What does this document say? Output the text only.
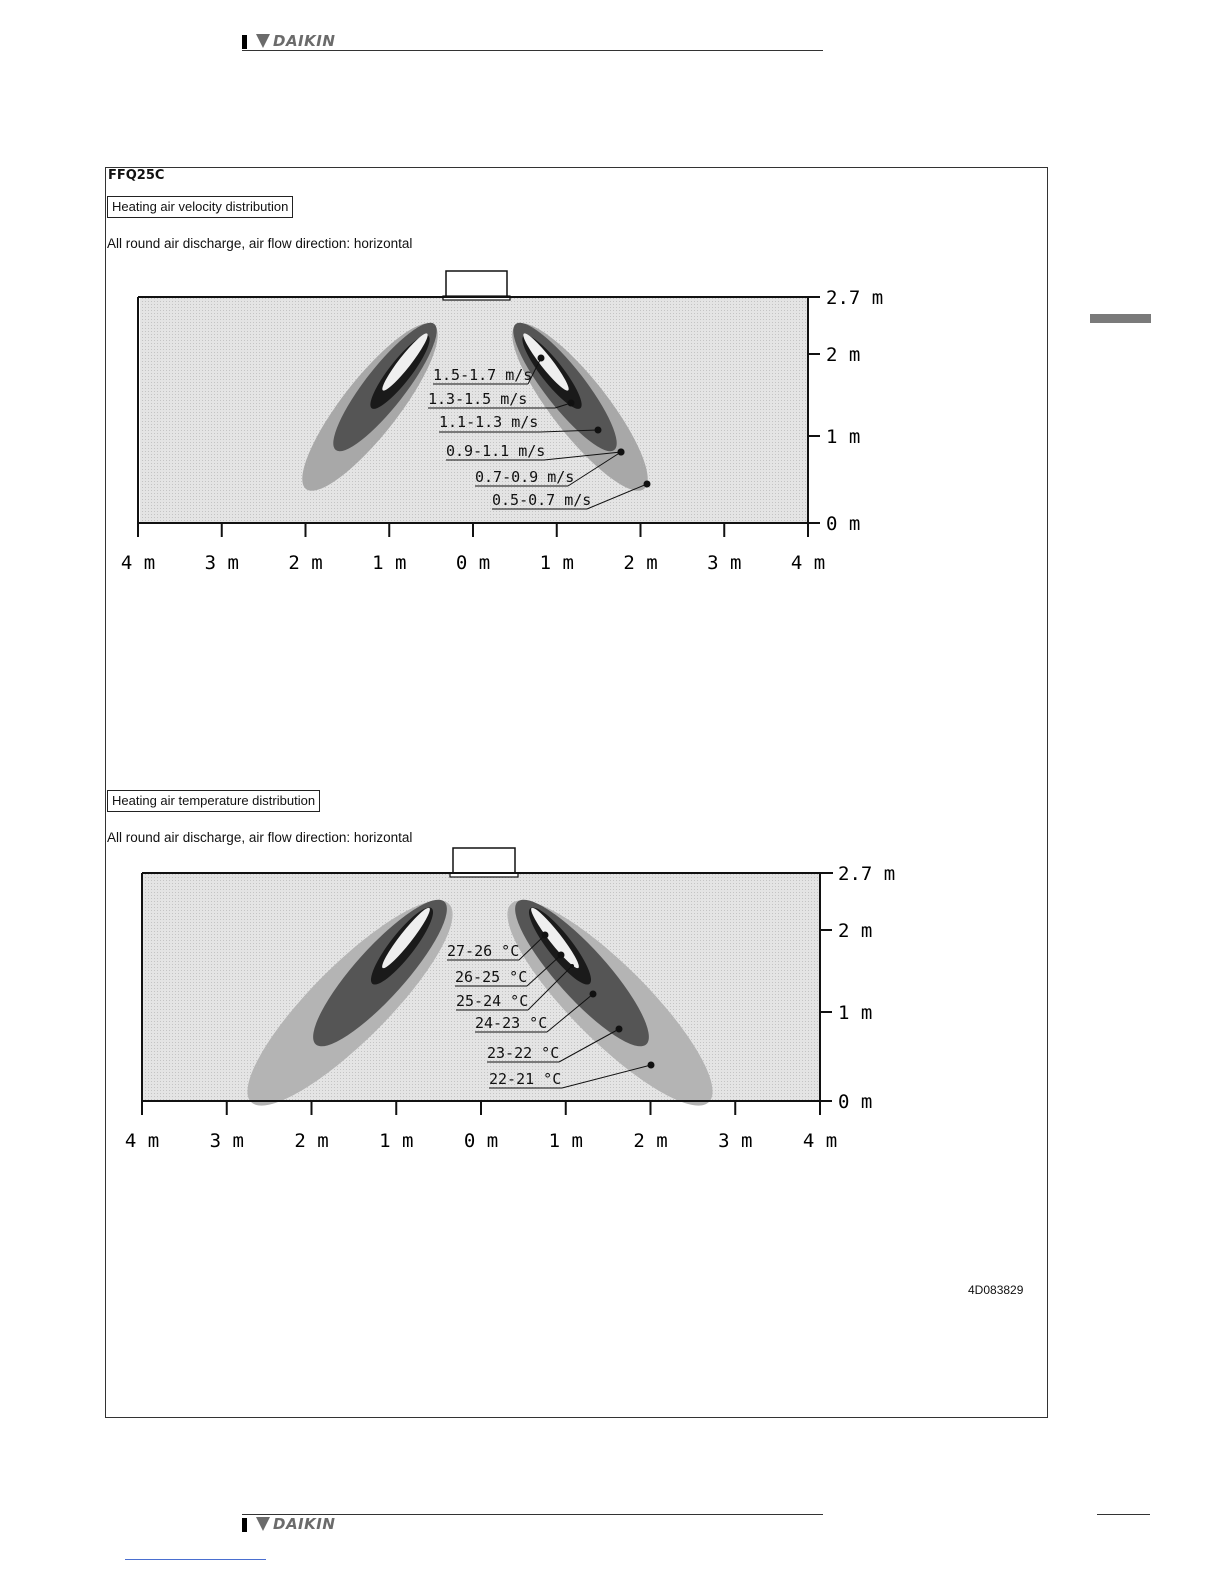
DAIKIN
FFQ25C
Heating air velocity distribution
All round air discharge, air flow direction: horizontal
2.7 m
2 m
1 m
0 m
4 m	3 m	2 m	1 m	0 m	1 m	2 m	3 m	4 m
1.5-1.7 m/s
1.3-1.5 m/s
1.1-1.3 m/s
0.9-1.1 m/s
0.7-0.9 m/s
0.5-0.7 m/s
Heating air temperature distribution
All round air discharge, air flow direction: horizontal
2.7 m
2 m
1 m
0 m
4 m	3 m	2 m	1 m	0 m	1 m	2 m	3 m	4 m
27-26 °C
26-25 °C
25-24 °C
24-23 °C
23-22 °C
22-21 °C
4D083829
DAIKIN
